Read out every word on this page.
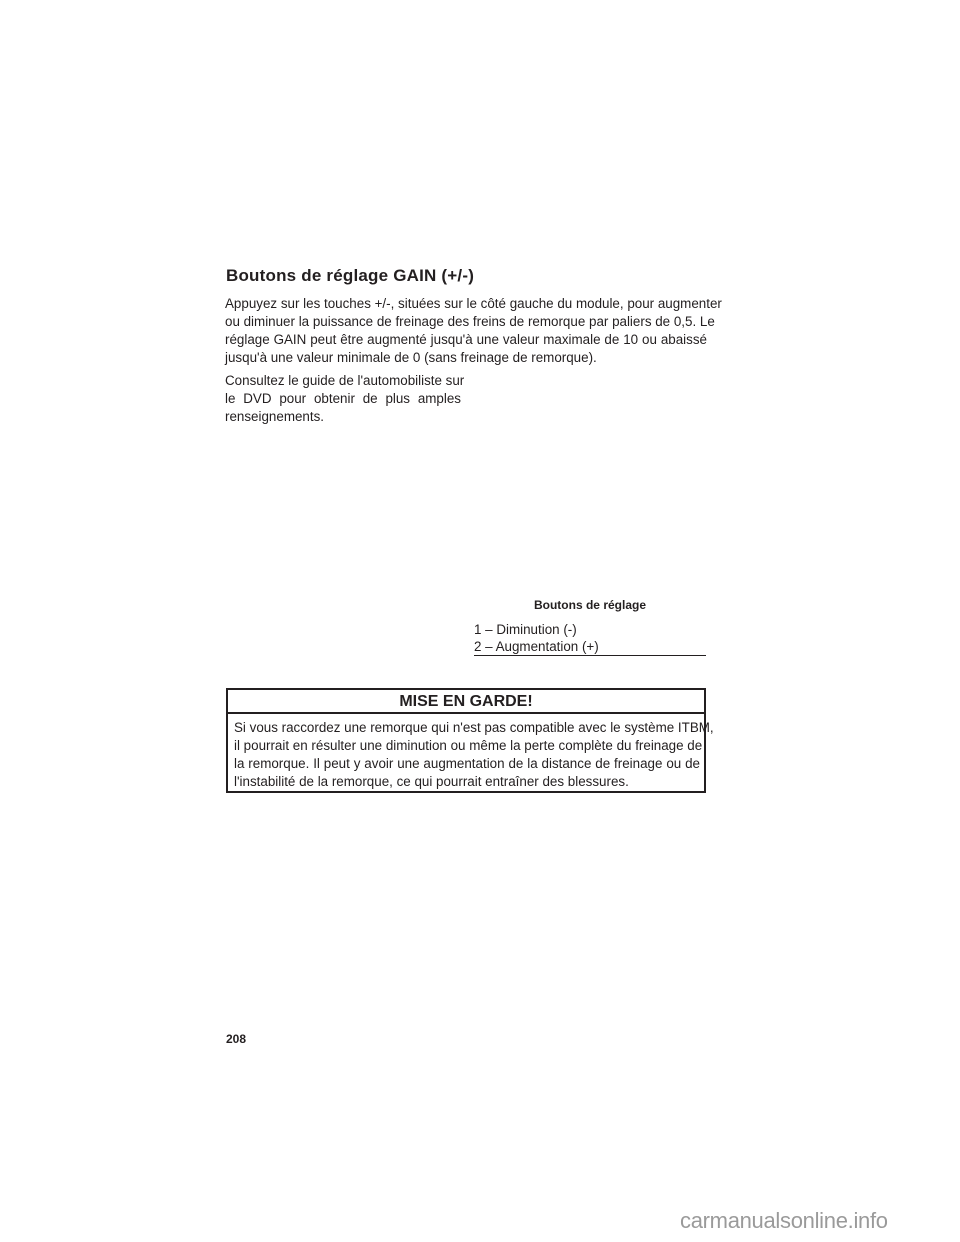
Boutons de réglage GAIN (+/-)
Appuyez sur les touches +/-, situées sur le côté gauche du module, pour augmenter
ou diminuer la puissance de freinage des freins de remorque par paliers de 0,5. Le
réglage GAIN peut être augmenté jusqu'à une valeur maximale de 10 ou abaissé
jusqu'à une valeur minimale de 0 (sans freinage de remorque).
Consultez le guide de l'automobiliste sur
le DVD pour obtenir de plus amples
renseignements.
Boutons de réglage
1 – Diminution (-)
2 – Augmentation (+)
MISE EN GARDE!
Si vous raccordez une remorque qui n'est pas compatible avec le système ITBM,
il pourrait en résulter une diminution ou même la perte complète du freinage de
la remorque. Il peut y avoir une augmentation de la distance de freinage ou de
l'instabilité de la remorque, ce qui pourrait entraîner des blessures.
208
carmanualsonline.info
